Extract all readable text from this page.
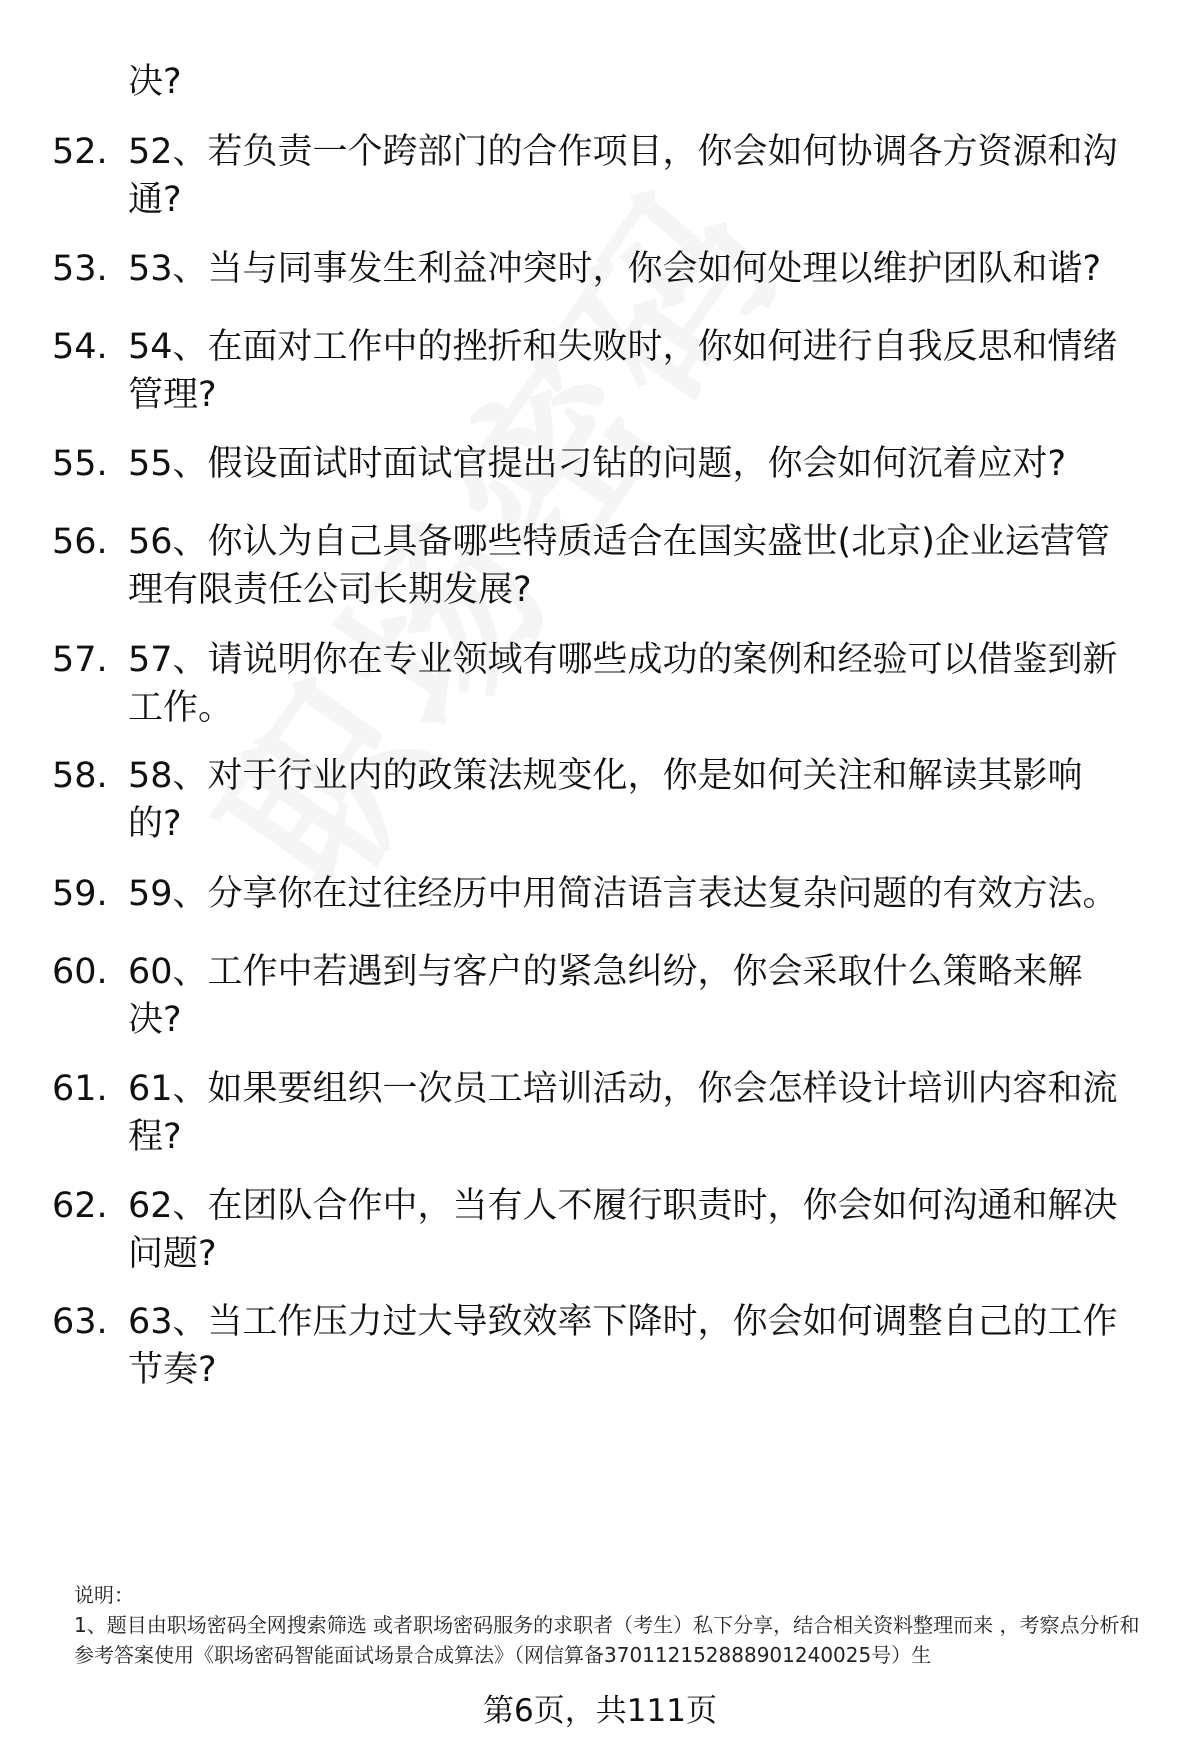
决?
52. 52、若负责一个跨部门的合作项目，你会如何协调各方资源和沟
通?
53. 53、当与同事发生利益冲突时，你会如何处理以维护团队和谐?
54. 54、在面对工作中的挫折和失败时，你如何进行自我反思和情绪
管理?
55. 55、假设面试时面试官提出刁钻的问题，你会如何沉着应对?
56. 56、你认为自己具备哪些特质适合在国实盛世(北京)企业运营管
理有限责任公司长期发展?
57. 57、请说明你在专业领域有哪些成功的案例和经验可以借鉴到新
工作。
58. 58、对于行业内的政策法规变化，你是如何关注和解读其影响
的?
59. 59、分享你在过往经历中用简洁语言表达复杂问题的有效方法。
60. 60、工作中若遇到与客户的紧急纠纷，你会采取什么策略来解
决?
61. 61、如果要组织一次员工培训活动，你会怎样设计培训内容和流
程?
62. 62、在团队合作中，当有人不履行职责时，你会如何沟通和解决
问题?
63. 63、当工作压力过大导致效率下降时，你会如何调整自己的工作
节奏?
说明：
1、题目由职场密码全网搜索筛选 或者职场密码服务的求职者（考生）私下分享，结合相关资料整理而来 ，考察点分析和参考答案使用《职场密码智能面试场景合成算法》（网信算备370112152888901240025号）生
第6页，共111页
